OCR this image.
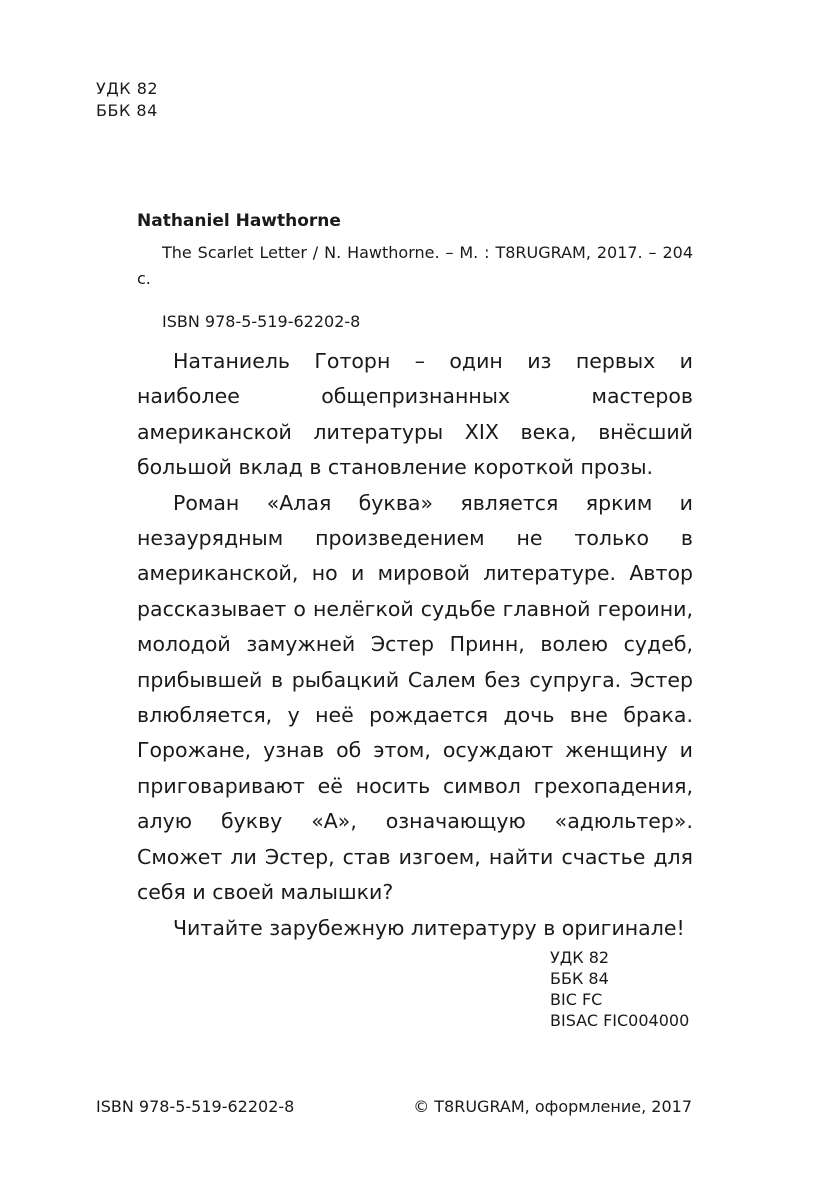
УДК 82
ББК 84
Nathaniel Hawthorne
The Scarlet Letter / N. Hawthorne. – M. : T8RUGRAM, 2017. – 204 c.
ISBN 978-5-519-62202-8

Натаниель Готорн – один из первых и наиболее общепризнанных мастеров американской литературы XIX века, внёсший большой вклад в становление короткой прозы.

Роман «Алая буква» является ярким и незаурядным произведением не только в американской, но и мировой литературе. Автор рассказывает о нелёгкой судьбе главной героини, молодой замужней Эстер Принн, волею судеб, прибывшей в рыбацкий Салем без супруга. Эстер влюбляется, у неё рождается дочь вне брака. Горожане, узнав об этом, осуждают женщину и приговаривают её носить символ грехопадения, алую букву «А», означающую «адюльтер». Сможет ли Эстер, став изгоем, найти счастье для себя и своей малышки?

Читайте зарубежную литературу в оригинале!

УДК 82
ББК 84
BIC FC
BISAC FIC004000
ISBN 978-5-519-62202-8	© T8RUGRAM, оформление, 2017
